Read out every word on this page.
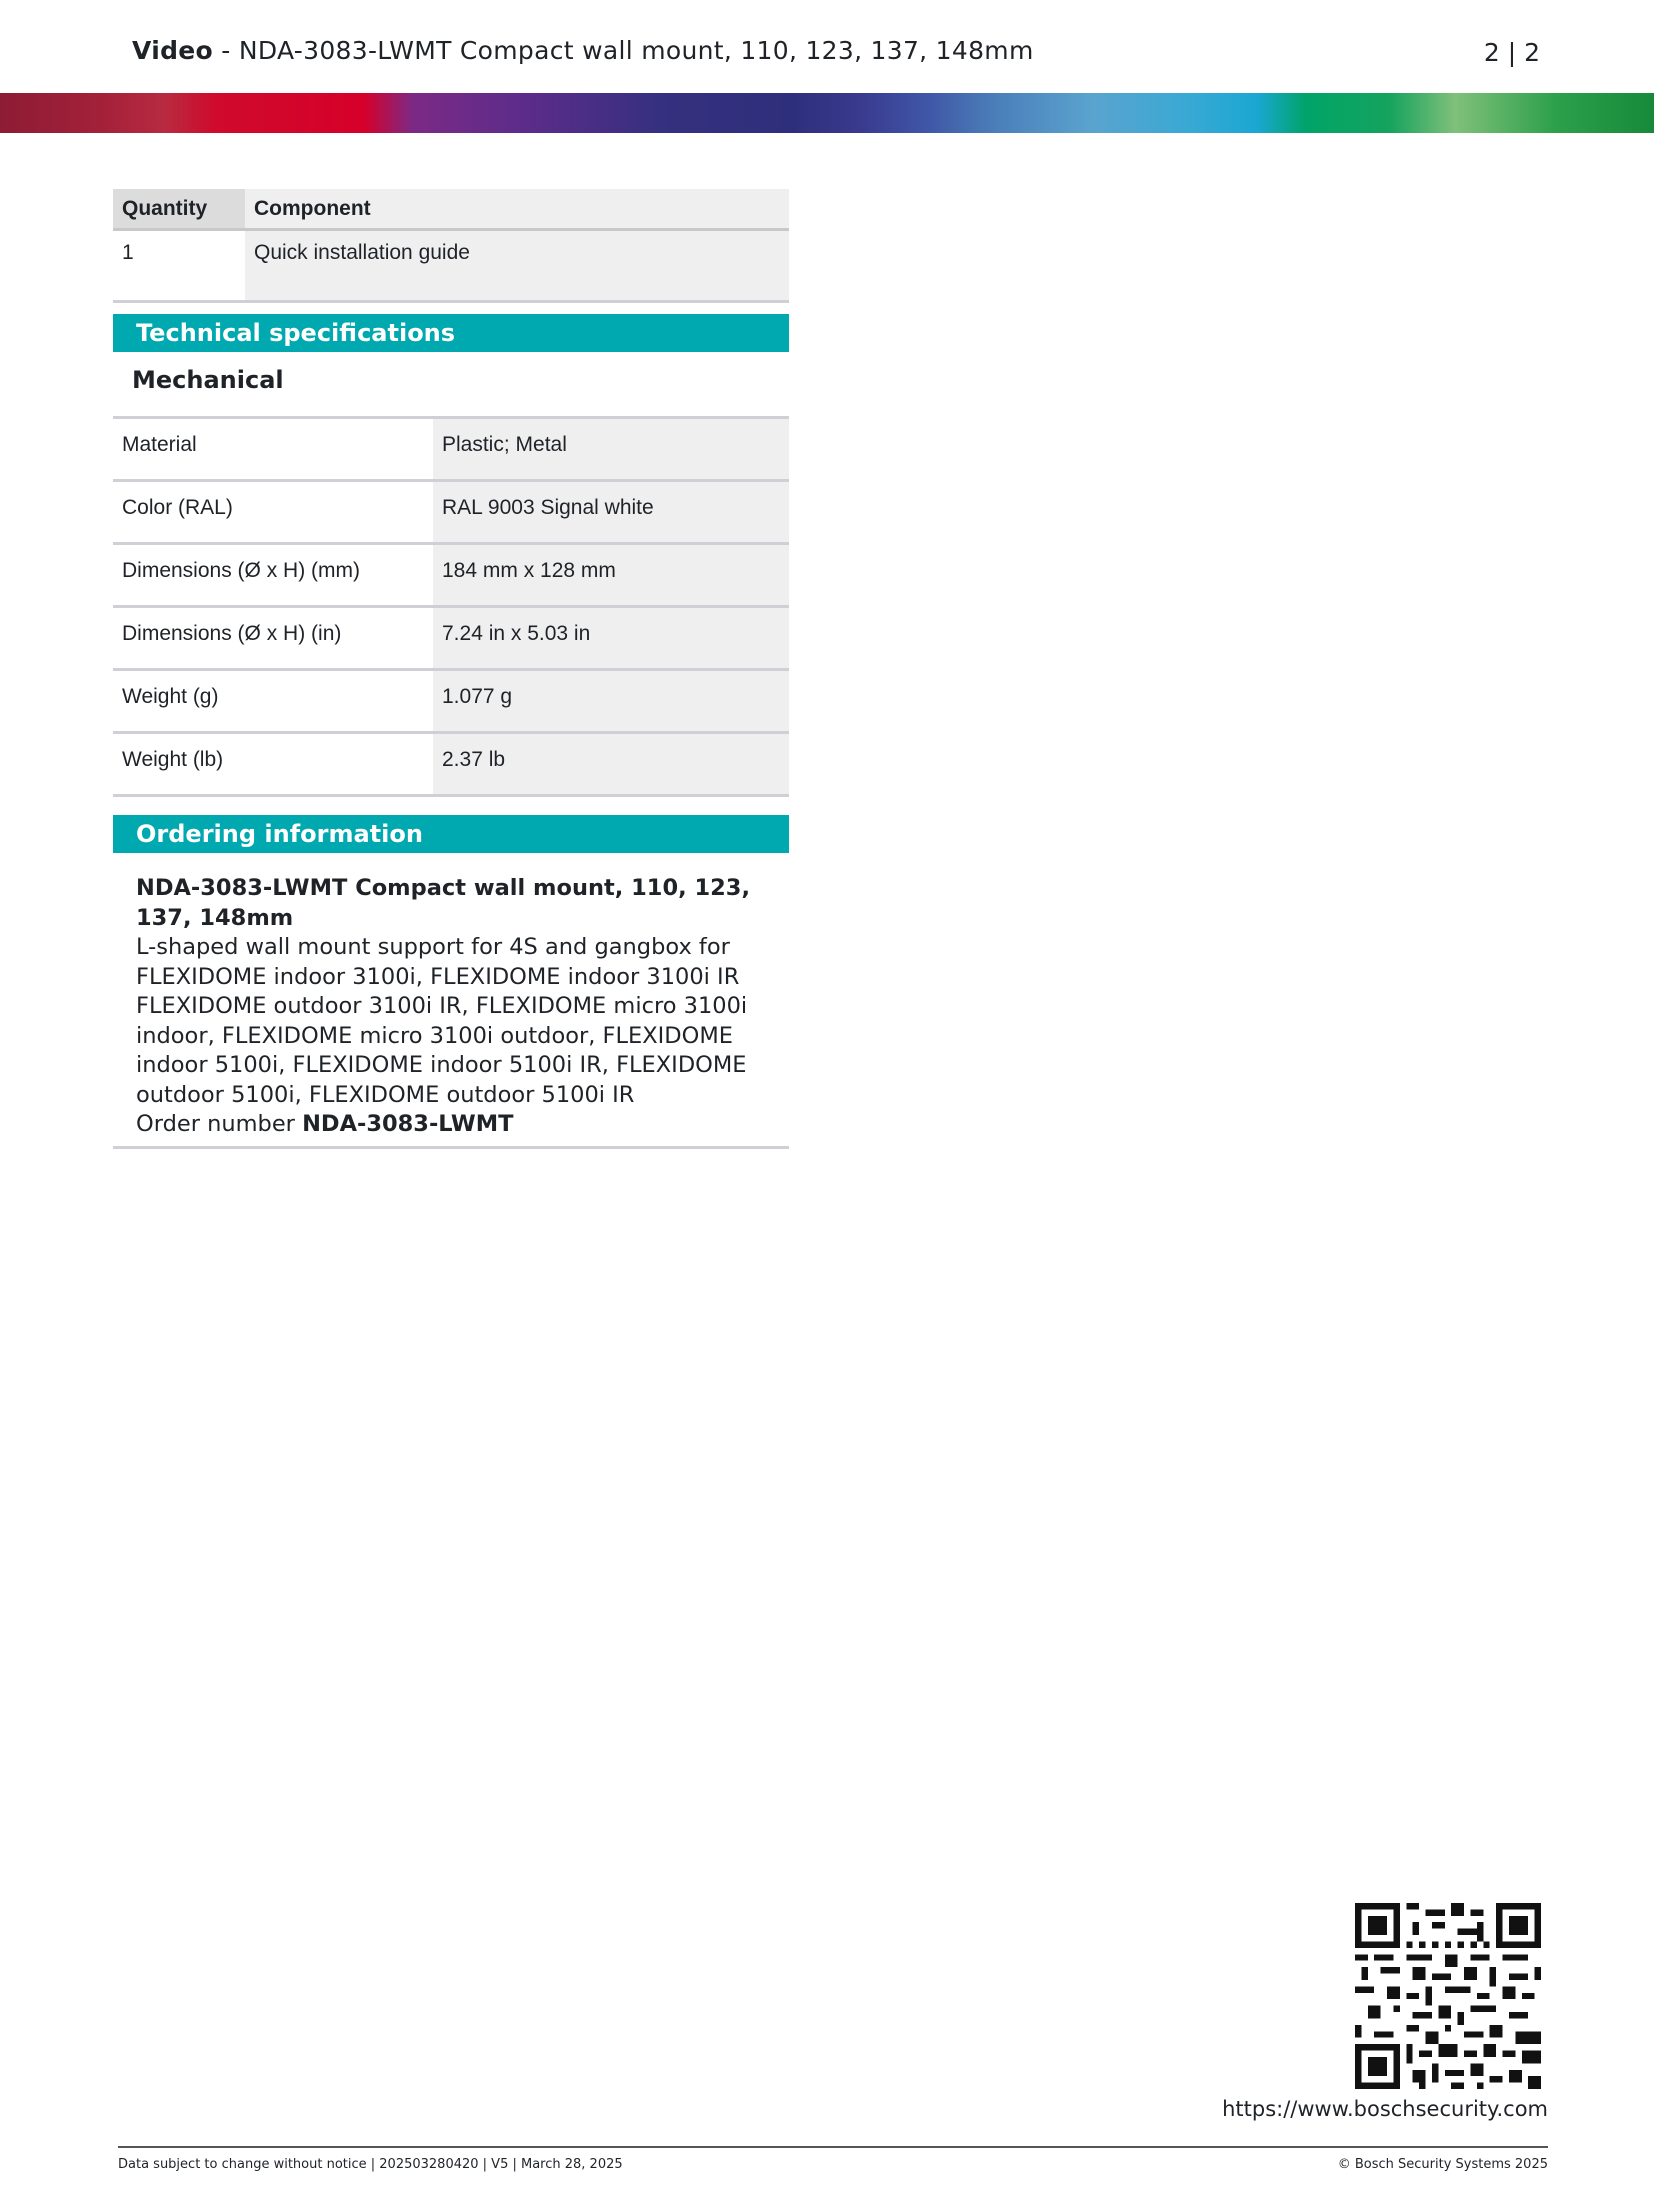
Video - NDA-3083-LWMT Compact wall mount, 110, 123, 137, 148mm	2 | 2
Quantity	Component
1	Quick installation guide
Technical specifications
Mechanical
Material	Plastic; Metal
Color (RAL)	RAL 9003 Signal white
Dimensions (Ø x H) (mm)	184 mm x 128 mm
Dimensions (Ø x H) (in)	7.24 in x 5.03 in
Weight (g)	1.077 g
Weight (lb)	2.37 lb
Ordering information
NDA-3083-LWMT Compact wall mount, 110, 123, 137, 148mm
L-shaped wall mount support for 4S and gangbox for FLEXIDOME indoor 3100i, FLEXIDOME indoor 3100i IR FLEXIDOME outdoor 3100i IR, FLEXIDOME micro 3100i indoor, FLEXIDOME micro 3100i outdoor, FLEXIDOME indoor 5100i, FLEXIDOME indoor 5100i IR, FLEXIDOME outdoor 5100i, FLEXIDOME outdoor 5100i IR
Order number NDA-3083-LWMT
https://www.boschsecurity.com
Data subject to change without notice | 202503280420 | V5 | March 28, 2025	© Bosch Security Systems 2025
